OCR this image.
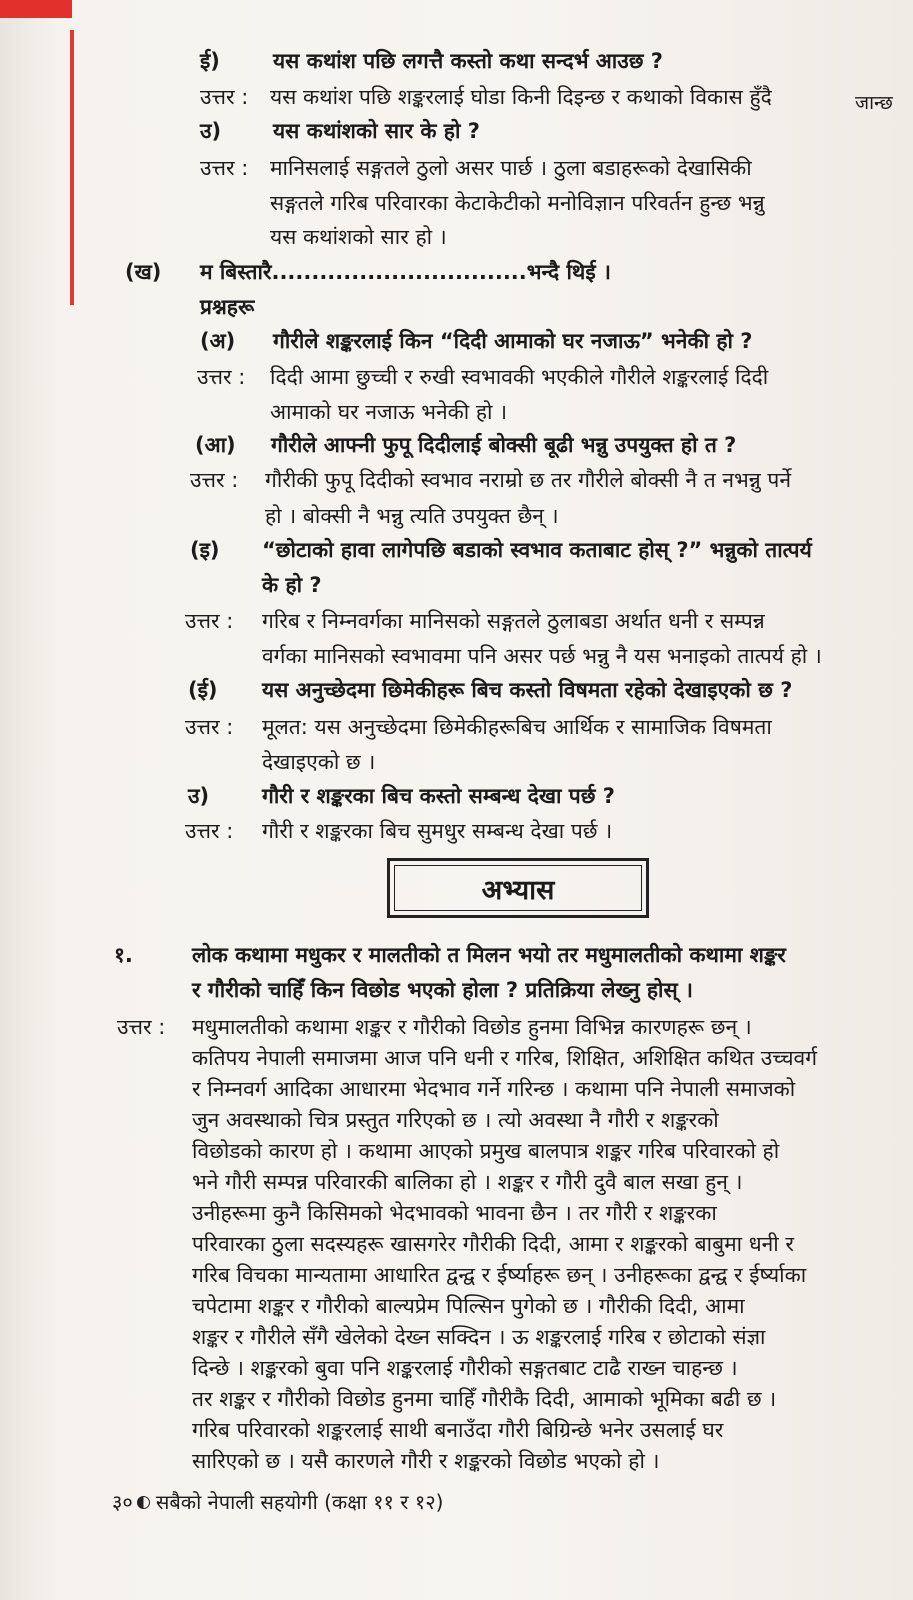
ई)	यस कथांश पछि लगत्तै कस्तो कथा सन्दर्भ आउछ ?
उत्तर : यस कथांश पछि शङ्करलाई घोडा किनी दिइन्छ र कथाको विकास हुँदै	जान्छ
उ) यस कथांशको सार के हो ?
उत्तर : मानिसलाई सङ्गतले ठुलो असर पार्छ । ठुला बडाहरूको देखासिकी
सङ्गतले गरिब परिवारका केटाकेटीको मनोविज्ञान परिवर्तन हुन्छ भन्नु
यस कथांशको सार हो ।
(ख) म बिस्तारै................................भन्दै थिई ।
प्रश्नहरू
(अ) गौरीले शङ्करलाई किन “दिदी आमाको घर नजाऊ” भनेकी हो ?
उत्तर : दिदी आमा छुच्ची र रुखी स्वभावकी भएकीले गौरीले शङ्करलाई दिदी
आमाको घर नजाऊ भनेकी हो ।
(आ) गौरीले आफ्नी फुपू दिदीलाई बोक्सी बूढी भन्नु उपयुक्त हो त ?
उत्तर : गौरीकी फुपू दिदीको स्वभाव नराम्रो छ तर गौरीले बोक्सी नै त नभन्नु पर्ने
हो । बोक्सी नै भन्नु त्यति उपयुक्त छैन् ।
(इ) “छोटाको हावा लागेपछि बडाको स्वभाव कताबाट होस् ?” भन्नुको तात्पर्य
के हो ?
उत्तर : गरिब र निम्नवर्गका मानिसको सङ्गतले ठुलाबडा अर्थात धनी र सम्पन्न
वर्गका मानिसको स्वभावमा पनि असर पर्छ भन्नु नै यस भनाइको तात्पर्य हो ।
(ई) यस अनुच्छेदमा छिमेकीहरू बिच कस्तो विषमता रहेको देखाइएको छ ?
उत्तर : मूलत: यस अनुच्छेदमा छिमेकीहरूबिच आर्थिक र सामाजिक विषमता
देखाइएको छ ।
उ)	गौरी र शङ्करका बिच कस्तो सम्बन्ध देखा पर्छ ?
उत्तर : गौरी र शङ्करका बिच सुमधुर सम्बन्ध देखा पर्छ ।
अभ्यास
१.	लोक कथामा मधुकर र मालतीको त मिलन भयो तर मधुमालतीको कथामा शङ्कर
र गौरीको चाहिँ किन विछोड भएको होला ? प्रतिक्रिया लेख्नु होस् ।
उत्तर : मधुमालतीको कथामा शङ्कर र गौरीको विछोड हुनमा विभिन्न कारणहरू छन् ।
कतिपय नेपाली समाजमा आज पनि धनी र गरिब, शिक्षित, अशिक्षित कथित उच्चवर्ग
र निम्नवर्ग आदिका आधारमा भेदभाव गर्ने गरिन्छ । कथामा पनि नेपाली समाजको
जुन अवस्थाको चित्र प्रस्तुत गरिएको छ । त्यो अवस्था नै गौरी र शङ्करको
विछोडको कारण हो । कथामा आएको प्रमुख बालपात्र शङ्कर गरिब परिवारको हो
भने गौरी सम्पन्न परिवारकी बालिका हो । शङ्कर र गौरी दुवै बाल सखा हुन् ।
उनीहरूमा कुनै किसिमको भेदभावको भावना छैन । तर गौरी र शङ्करका
परिवारका ठुला सदस्यहरू खासगरेर गौरीकी दिदी, आमा र शङ्करको बाबुमा धनी र
गरिब विचका मान्यतामा आधारित द्वन्द्व र ईर्ष्याहरू छन् । उनीहरूका द्वन्द्व र ईर्ष्याका
चपेटामा शङ्कर र गौरीको बाल्यप्रेम पिल्सिन पुगेको छ । गौरीकी दिदी, आमा
शङ्कर र गौरीले सँगै खेलेको देख्न सक्दिन । ऊ शङ्करलाई गरिब र छोटाको संज्ञा
दिन्छे । शङ्करको बुवा पनि शङ्करलाई गौरीको सङ्गतबाट टाढै राख्न चाहन्छ ।
तर शङ्कर र गौरीको विछोड हुनमा चाहिँ गौरीकै दिदी, आमाको भूमिका बढी छ ।
गरिब परिवारको शङ्करलाई साथी बनाउँदा गौरी बिग्रिन्छे भनेर उसलाई घर
सारिएको छ । यसै कारणले गौरी र शङ्करको विछोड भएको हो ।
३० सबैको नेपाली सहयोगी (कक्षा ११ र १२)
